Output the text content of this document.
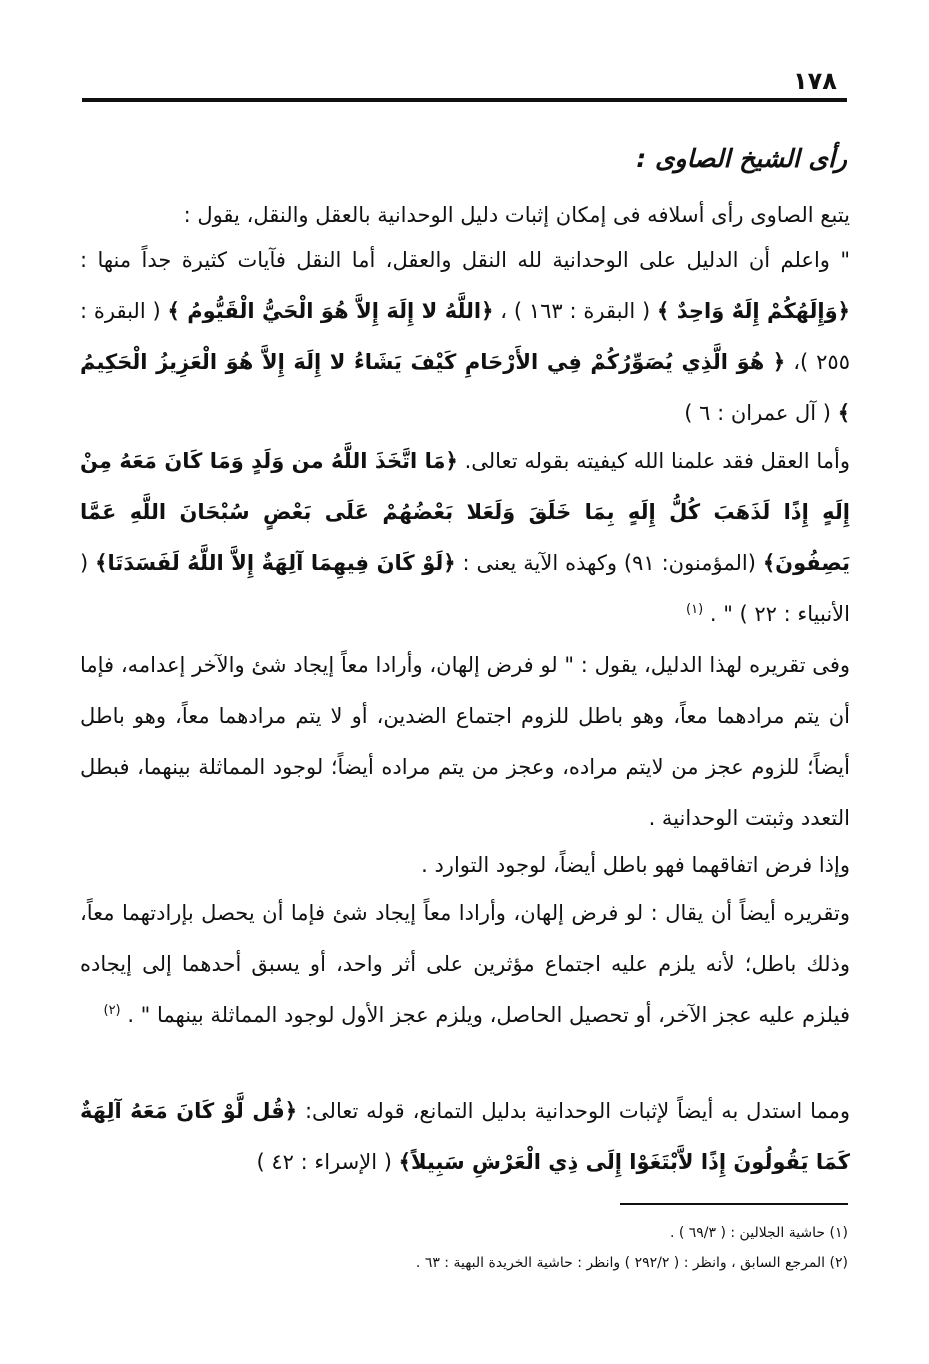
١٧٨
رأى الشيخ الصاوى :

يتبع الصاوى رأى أسلافه فى إمكان إثبات دليل الوحدانية بالعقل والنقل، يقول :

" واعلم أن الدليل على الوحدانية لله النقل والعقل، أما النقل فآيات كثيرة جداً منها : ﴿وَإِلَهُكُمْ إِلَهٌ وَاحِدٌ ﴾ ( البقرة : ١٦٣ ) ، ﴿اللَّهُ لا إِلَهَ إِلاَّ هُوَ الْحَيُّ الْقَيُّومُ ﴾ ( البقرة : ٢٥٥ )، ﴿ هُوَ الَّذِي يُصَوِّرُكُمْ فِي الأَرْحَامِ كَيْفَ يَشَاءُ لا إِلَهَ إِلاَّ هُوَ الْعَزِيزُ الْحَكِيمُ ﴾ ( آل عمران : ٦ )

وأما العقل فقد علمنا الله كيفيته بقوله تعالى. ﴿مَا اتَّخَذَ اللَّهُ من وَلَدٍ وَمَا كَانَ مَعَهُ مِنْ إِلَهٍ إِذًا لَذَهَبَ كُلُّ إِلَهٍ بِمَا خَلَقَ وَلَعَلا بَعْضُهُمْ عَلَى بَعْضٍ سُبْحَانَ اللَّهِ عَمَّا يَصِفُونَ﴾ (المؤمنون: ٩١) وكهذه الآية يعنى : ﴿لَوْ كَانَ فِيهِمَا آلِهَةٌ إِلاَّ اللَّهُ لَفَسَدَتَا﴾ ( الأنبياء : ٢٢ ) " . $^{(١)}$

وفى تقريره لهذا الدليل، يقول : " لو فرض إلهان، وأرادا معاً إيجاد شئ والآخر إعدامه، فإما أن يتم مرادهما معاً، وهو باطل للزوم اجتماع الضدين، أو لا يتم مرادهما معاً، وهو باطل أيضاً؛ للزوم عجز من لايتم مراده، وعجز من يتم مراده أيضاً؛ لوجود المماثلة بينهما، فبطل التعدد وثبتت الوحدانية .

وإذا فرض اتفاقهما فهو باطل أيضاً، لوجود التوارد .

وتقريره أيضاً أن يقال : لو فرض إلهان، وأرادا معاً إيجاد شئ فإما أن يحصل بإرادتهما معاً، وذلك باطل؛ لأنه يلزم عليه اجتماع مؤثرين على أثر واحد، أو يسبق أحدهما إلى إيجاده فيلزم عليه عجز الآخر، أو تحصيل الحاصل، ويلزم عجز الأول لوجود المماثلة بينهما " . $^{(٢)}$

ومما استدل به أيضاً لإثبات الوحدانية بدليل التمانع، قوله تعالى: ﴿قُل لَّوْ كَانَ مَعَهُ آلِهَةٌ كَمَا يَقُولُونَ إِذًا لاَّبْتَغَوْا إِلَى ذِي الْعَرْشِ سَبِيلاً﴾ ( الإسراء : ٤٢ )

(١) حاشية الجلالين : ( ٦٩/٣ ) .

(٢) المرجع السابق ، وانظر : ( ٢٩٢/٢ ) وانظر : حاشية الخريدة البهية : ٦٣ .
